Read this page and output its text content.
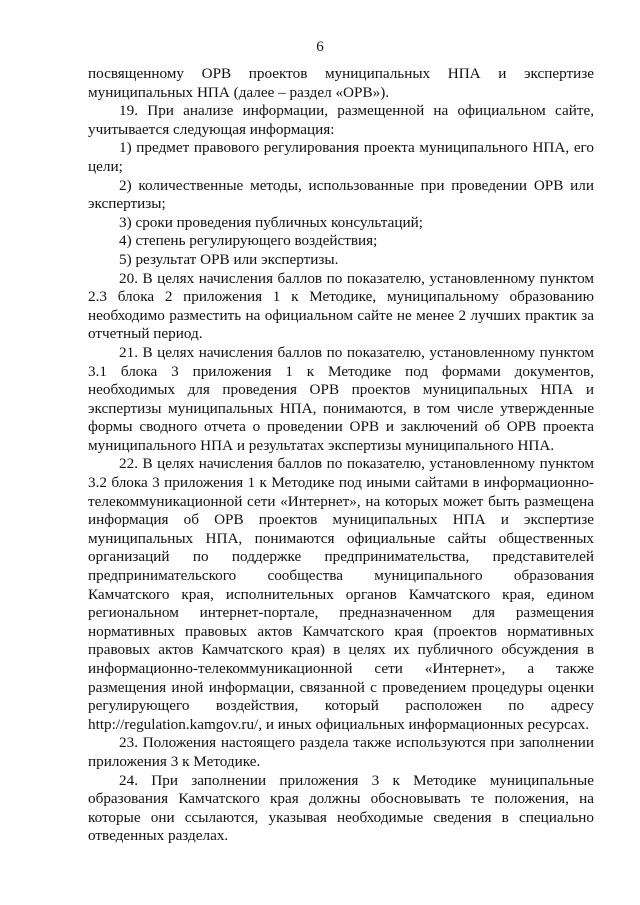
6

посвященному ОРВ проектов муниципальных НПА и экспертизе муниципальных НПА (далее – раздел «ОРВ»).

19. При анализе информации, размещенной на официальном сайте, учитывается следующая информация:

1) предмет правового регулирования проекта муниципального НПА, его цели;

2) количественные методы, использованные при проведении ОРВ или экспертизы;

3) сроки проведения публичных консультаций;

4) степень регулирующего воздействия;

5) результат ОРВ или экспертизы.

20. В целях начисления баллов по показателю, установленному пунктом 2.3 блока 2 приложения 1 к Методике, муниципальному образованию необходимо разместить на официальном сайте не менее 2 лучших практик за отчетный период.

21. В целях начисления баллов по показателю, установленному пунктом 3.1 блока 3 приложения 1 к Методике под формами документов, необходимых для проведения ОРВ проектов муниципальных НПА и экспертизы муниципальных НПА, понимаются, в том числе утвержденные формы сводного отчета о проведении ОРВ и заключений об ОРВ проекта муниципального НПА и результатах экспертизы муниципального НПА.

22. В целях начисления баллов по показателю, установленному пунктом 3.2 блока 3 приложения 1 к Методике под иными сайтами в информационно-телекоммуникационной сети «Интернет», на которых может быть размещена информация об ОРВ проектов муниципальных НПА и экспертизе муниципальных НПА, понимаются официальные сайты общественных организаций по поддержке предпринимательства, представителей предпринимательского сообщества муниципального образования Камчатского края, исполнительных органов Камчатского края, едином региональном интернет-портале, предназначенном для размещения нормативных правовых актов Камчатского края (проектов нормативных правовых актов Камчатского края) в целях их публичного обсуждения в информационно-телекоммуникационной сети «Интернет», а также размещения иной информации, связанной с проведением процедуры оценки регулирующего воздействия, который расположен по адресу http://regulation.kamgov.ru/, и иных официальных информационных ресурсах.

23. Положения настоящего раздела также используются при заполнении приложения 3 к Методике.

24. При заполнении приложения 3 к Методике муниципальные образования Камчатского края должны обосновывать те положения, на которые они ссылаются, указывая необходимые сведения в специально отведенных разделах.
